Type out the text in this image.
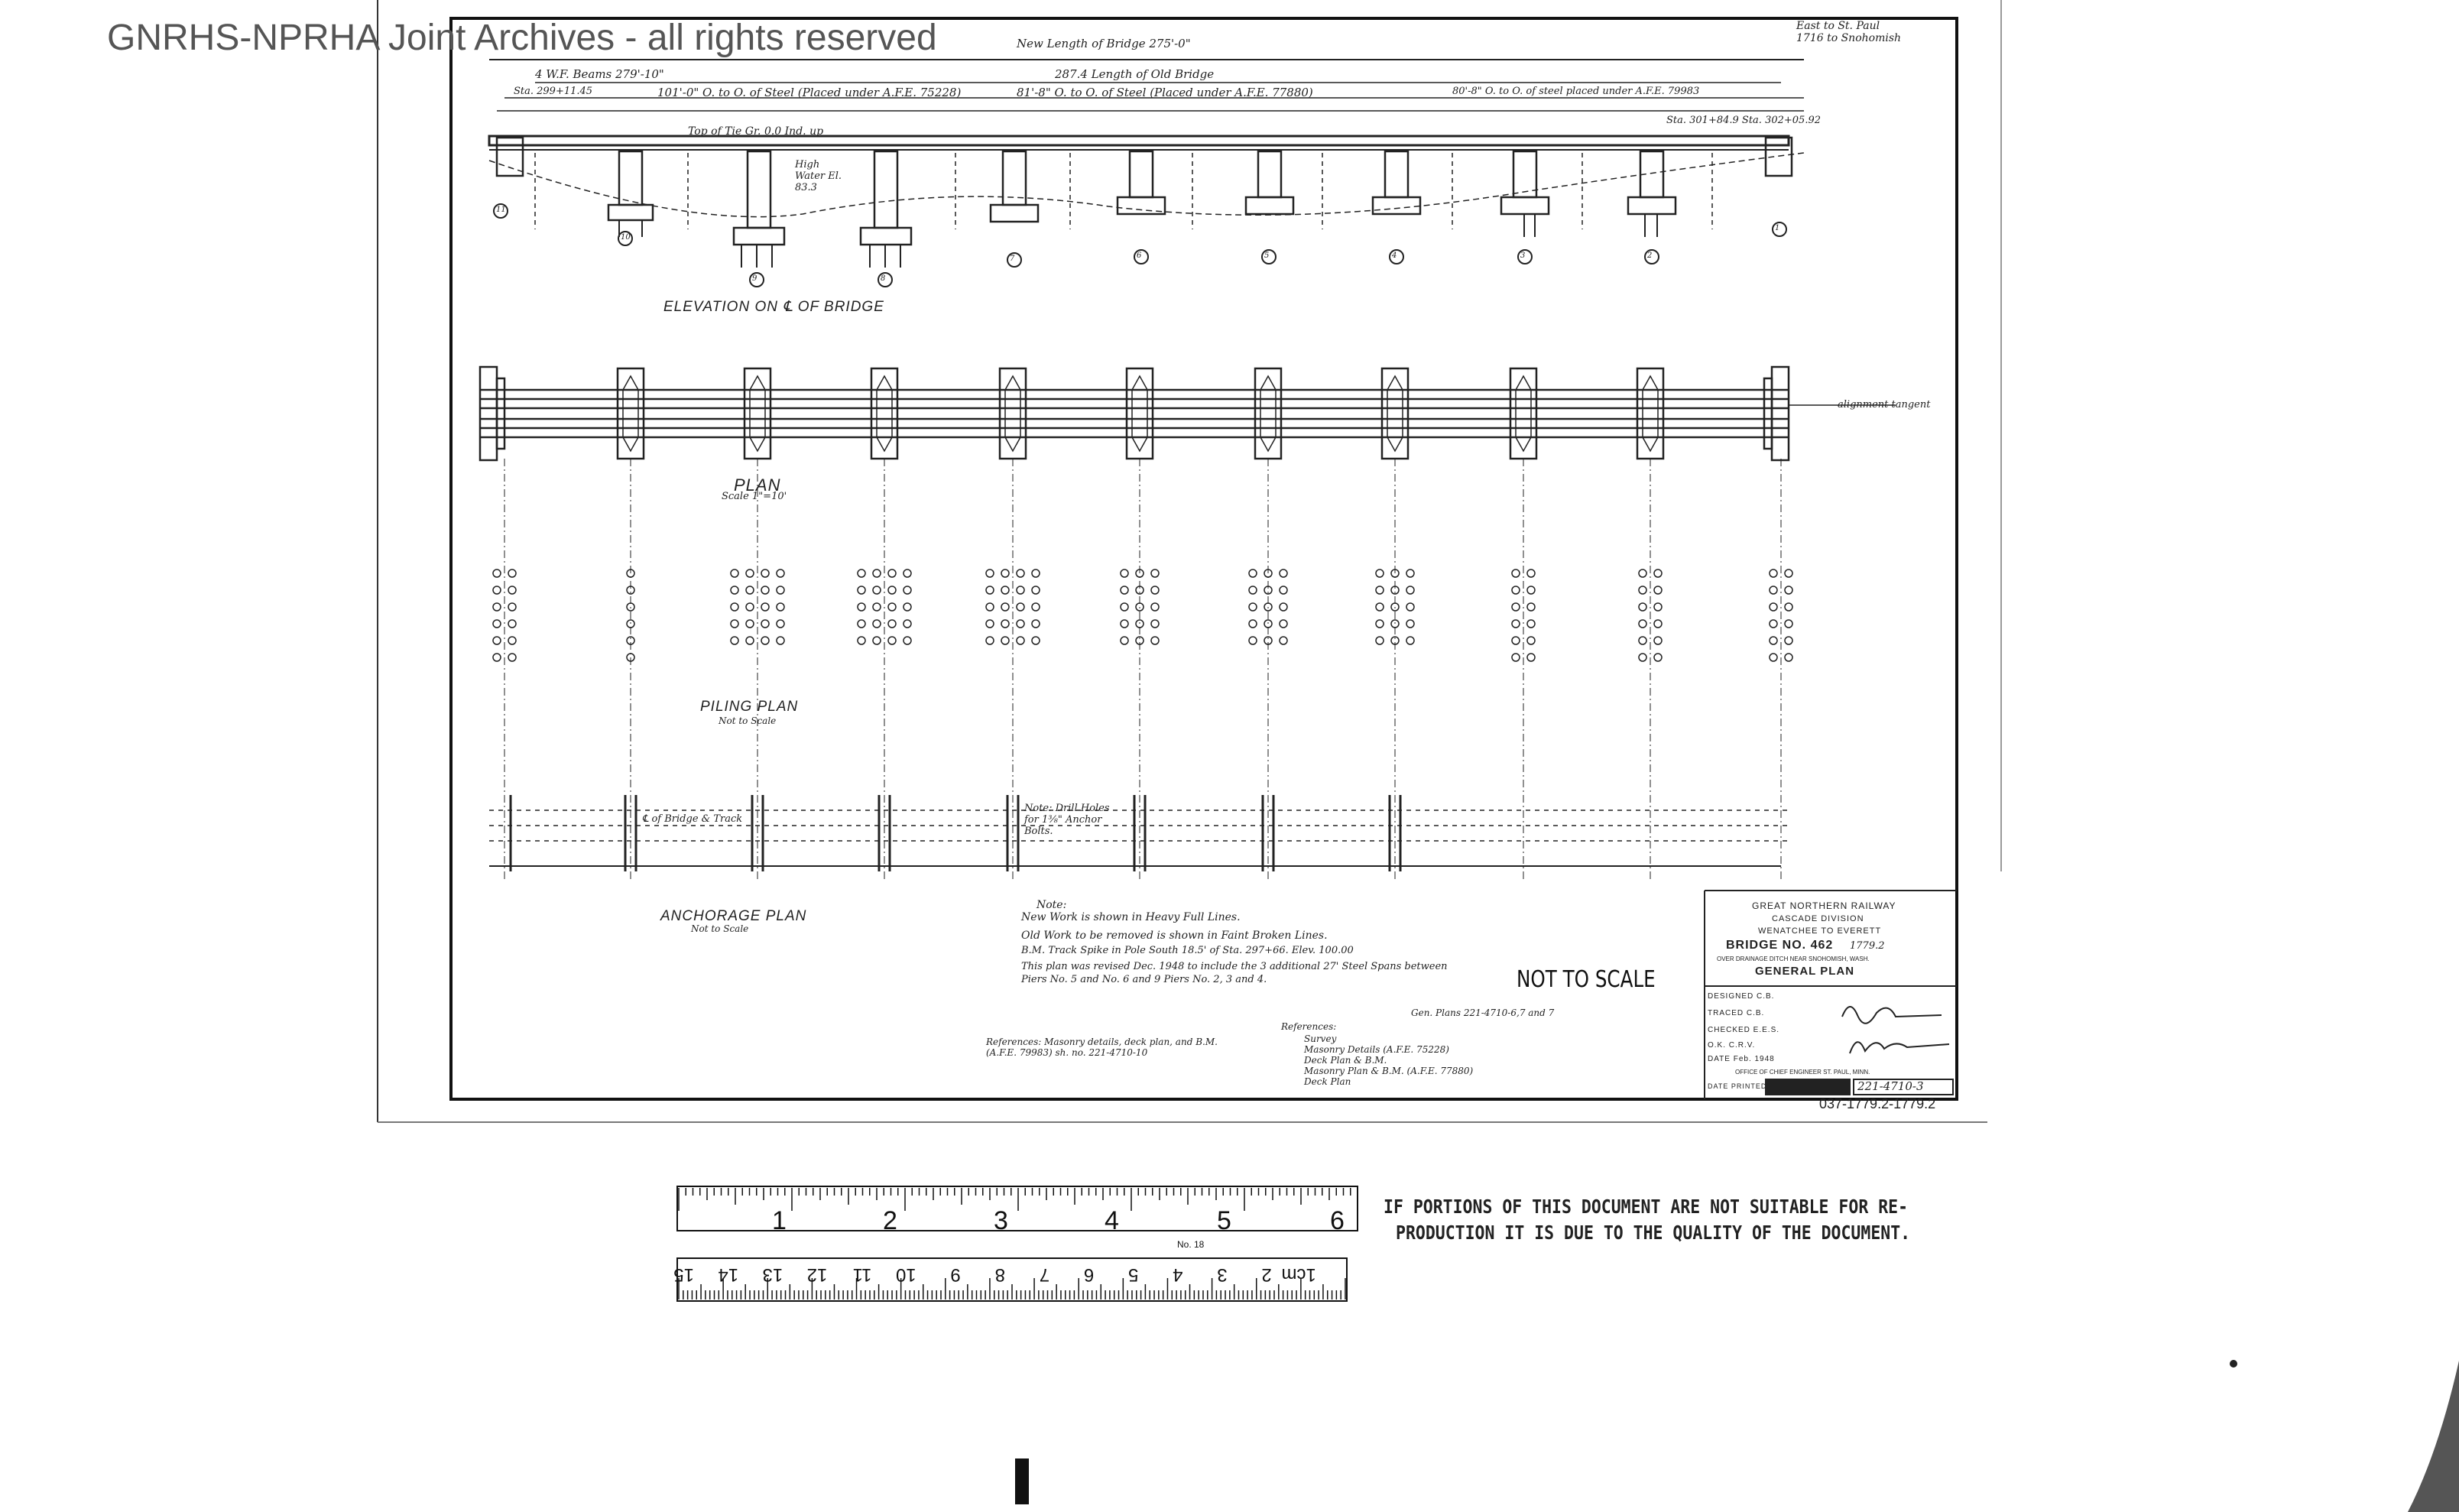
GNRHS-NPRHA Joint Archives - all rights reserved	New Length of Bridge 275'-0"
4 W.F. Beams 279'-10"	287.4 Length of Old Bridge
101'-0" O. to O. of Steel (Placed under A.F.E. 75228)	81'-8" O. to O. of Steel (Placed under A.F.E. 77880)	80'-8" O. to O. of steel placed under A.F.E. 79983
East to St. Paul 1716 to Snohomish
Sta. 299+11.45
Sta. 301+84.9 Sta. 302+05.92
Top of Tie Gr. 0.0 Ind. up
High Water El. 83.3
ELEVATION ON ℄ OF BRIDGE
PLAN
Scale 1"=10'
alignment tangent
PILING PLAN
Not to Scale
ANCHORAGE PLAN
Not to Scale
℄ of Bridge & Track
Note: Drill Holes for 1⅜" Anchor Bolts.
Note:
New Work is shown in Heavy Full Lines.
Old Work to be removed is shown in Faint Broken Lines.
B.M. Track Spike in Pole South 18.5' of Sta. 297+66. Elev. 100.00
This plan was revised Dec. 1948 to include the 3 additional 27' Steel Spans between Piers No. 5 and No. 6 and 9 Piers No. 2, 3 and 4.
References: Masonry details, deck plan, and B.M. (A.F.E. 79983) sh. no. 221-4710-10
References:
Gen. Plans 221-4710-6,7 and 7
Survey
Masonry Details (A.F.E. 75228)
Deck Plan & B.M.
Masonry Plan & B.M. (A.F.E. 77880)
Deck Plan
NOT TO SCALE
GREAT NORTHERN RAILWAY
CASCADE DIVISION
WENATCHEE TO EVERETT
BRIDGE NO. 462 1779.2
OVER DRAINAGE DITCH NEAR SNOHOMISH, WASH.
GENERAL PLAN
DESIGNED C.B.
TRACED C.B.
CHECKED E.E.S.
O.K. C.R.V.
DATE Feb. 1948
OFFICE OF CHIEF ENGINEER ST. PAUL, MINN.
DATE PRINTED	221-4710-3
037-1779.2-1779.2
1	2	3	4	5	6
No. 18
1cm
2
3
4
5
6
7
8
9
10
11
12
13
14
15
IF PORTIONS OF THIS DOCUMENT ARE NOT SUITABLE FOR RE-
PRODUCTION IT IS DUE TO THE QUALITY OF THE DOCUMENT.
11
10
9	8
7	6	5	4	3	2
1
